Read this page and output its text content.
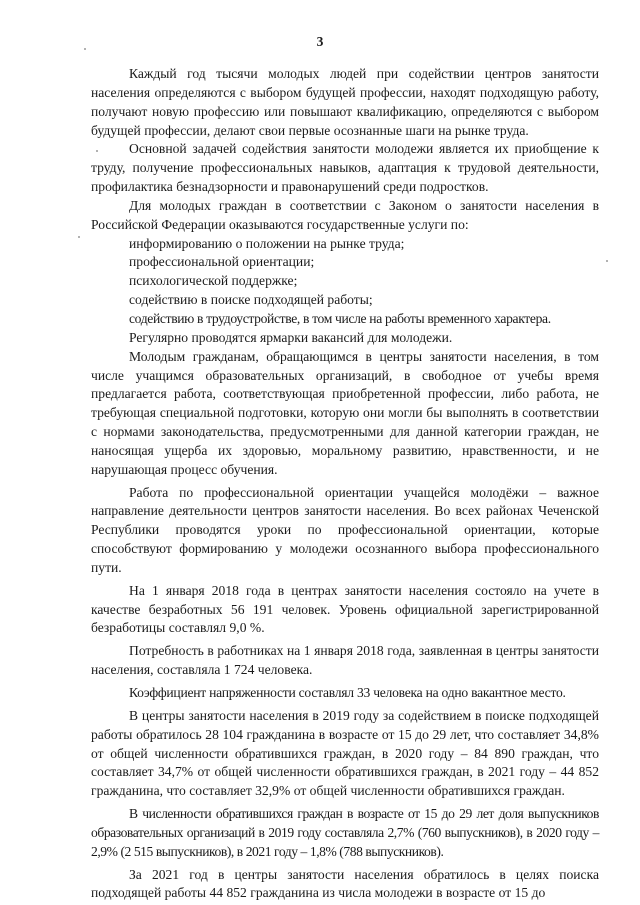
3

Каждый год тысячи молодых людей при содействии центров занятости населения определяются с выбором будущей профессии, находят подходящую работу, получают новую профессию или повышают квалификацию, определяются с выбором будущей профессии, делают свои первые осознанные шаги на рынке труда.

Основной задачей содействия занятости молодежи является их приобщение к труду, получение профессиональных навыков, адаптация к трудовой деятельности, профилактика безнадзорности и правонарушений среди подростков.

Для молодых граждан в соответствии с Законом о занятости населения в Российской Федерации оказываются государственные услуги по:

информированию о положении на рынке труда;

профессиональной ориентации;

психологической поддержке;

содействию в поиске подходящей работы;

содействию в трудоустройстве, в том числе на работы временного характера.

Регулярно проводятся ярмарки вакансий для молодежи.

Молодым гражданам, обращающимся в центры занятости населения, в том числе учащимся образовательных организаций, в свободное от учебы время предлагается работа, соответствующая приобретенной профессии, либо работа, не требующая специальной подготовки, которую они могли бы выполнять в соответствии с нормами законодательства, предусмотренными для данной категории граждан, не наносящая ущерба их здоровью, моральному развитию, нравственности, и не нарушающая процесс обучения.

Работа по профессиональной ориентации учащейся молодёжи – важное направление деятельности центров занятости населения. Во всех районах Чеченской Республики проводятся уроки по профессиональной ориентации, которые способствуют формированию у молодежи осознанного выбора профессионального пути.

На 1 января 2018 года в центрах занятости населения состояло на учете в качестве безработных 56 191 человек. Уровень официальной зарегистрированной безработицы составлял 9,0 %.

Потребность в работниках на 1 января 2018 года, заявленная в центры занятости населения, составляла 1 724 человека.

Коэффициент напряженности составлял 33 человека на одно вакантное место.

В центры занятости населения в 2019 году за содействием в поиске подходящей работы обратилось 28 104 гражданина в возрасте от 15 до 29 лет, что составляет 34,8% от общей численности обратившихся граждан, в 2020 году – 84 890 граждан, что составляет 34,7% от общей численности обратившихся граждан, в 2021 году – 44 852 гражданина, что составляет 32,9% от общей численности обратившихся граждан.

В численности обратившихся граждан в возрасте от 15 до 29 лет доля выпускников образовательных организаций в 2019 году составляла 2,7% (760 выпускников), в 2020 году – 2,9% (2 515 выпускников), в 2021 году – 1,8% (788 выпускников).

За 2021 год в центры занятости населения обратилось в целях поиска подходящей работы 44 852 гражданина из числа молодежи в возрасте от 15 до
